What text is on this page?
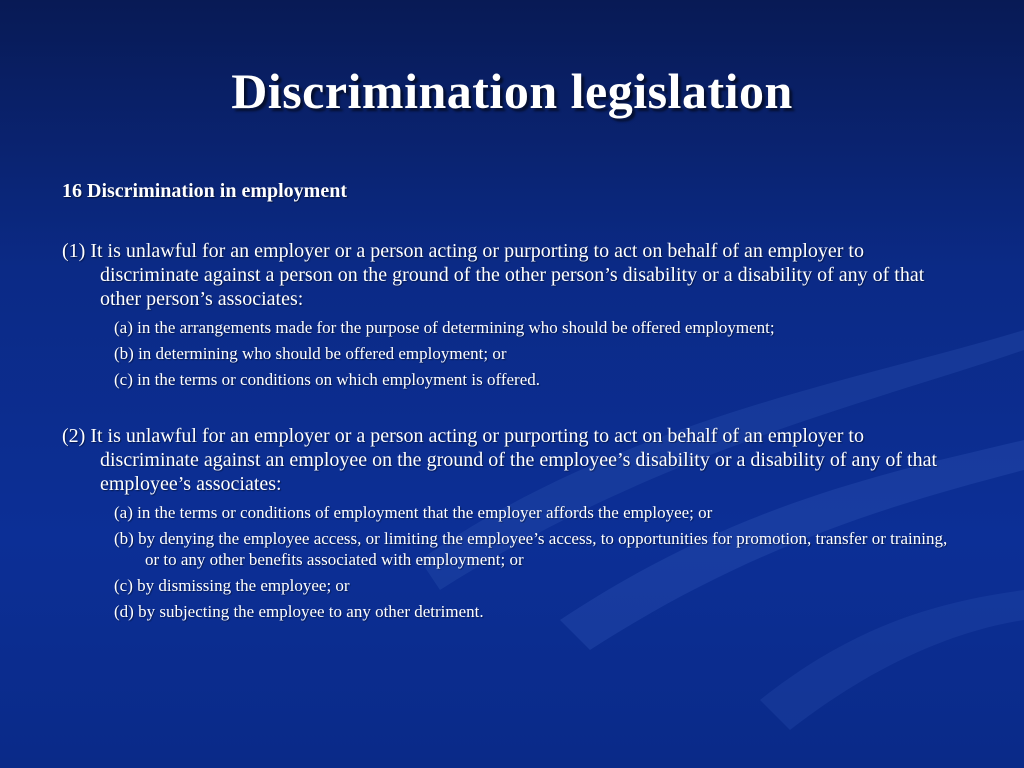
Discrimination legislation
16 Discrimination in employment
(1) It is unlawful for an employer or a person acting or purporting to act on behalf of an employer to discriminate against a person on the ground of the other person’s disability or a disability of any of that other person’s associates:
(a) in the arrangements made for the purpose of determining who should be offered employment;
(b) in determining who should be offered employment; or
(c) in the terms or conditions on which employment is offered.
(2) It is unlawful for an employer or a person acting or purporting to act on behalf of an employer to discriminate against an employee on the ground of the employee’s disability or a disability of any of that employee’s associates:
(a) in the terms or conditions of employment that the employer affords the employee; or
(b) by denying the employee access, or limiting the employee’s access, to opportunities for promotion, transfer or training, or to any other benefits associated with employment; or
(c) by dismissing the employee; or
(d) by subjecting the employee to any other detriment.
